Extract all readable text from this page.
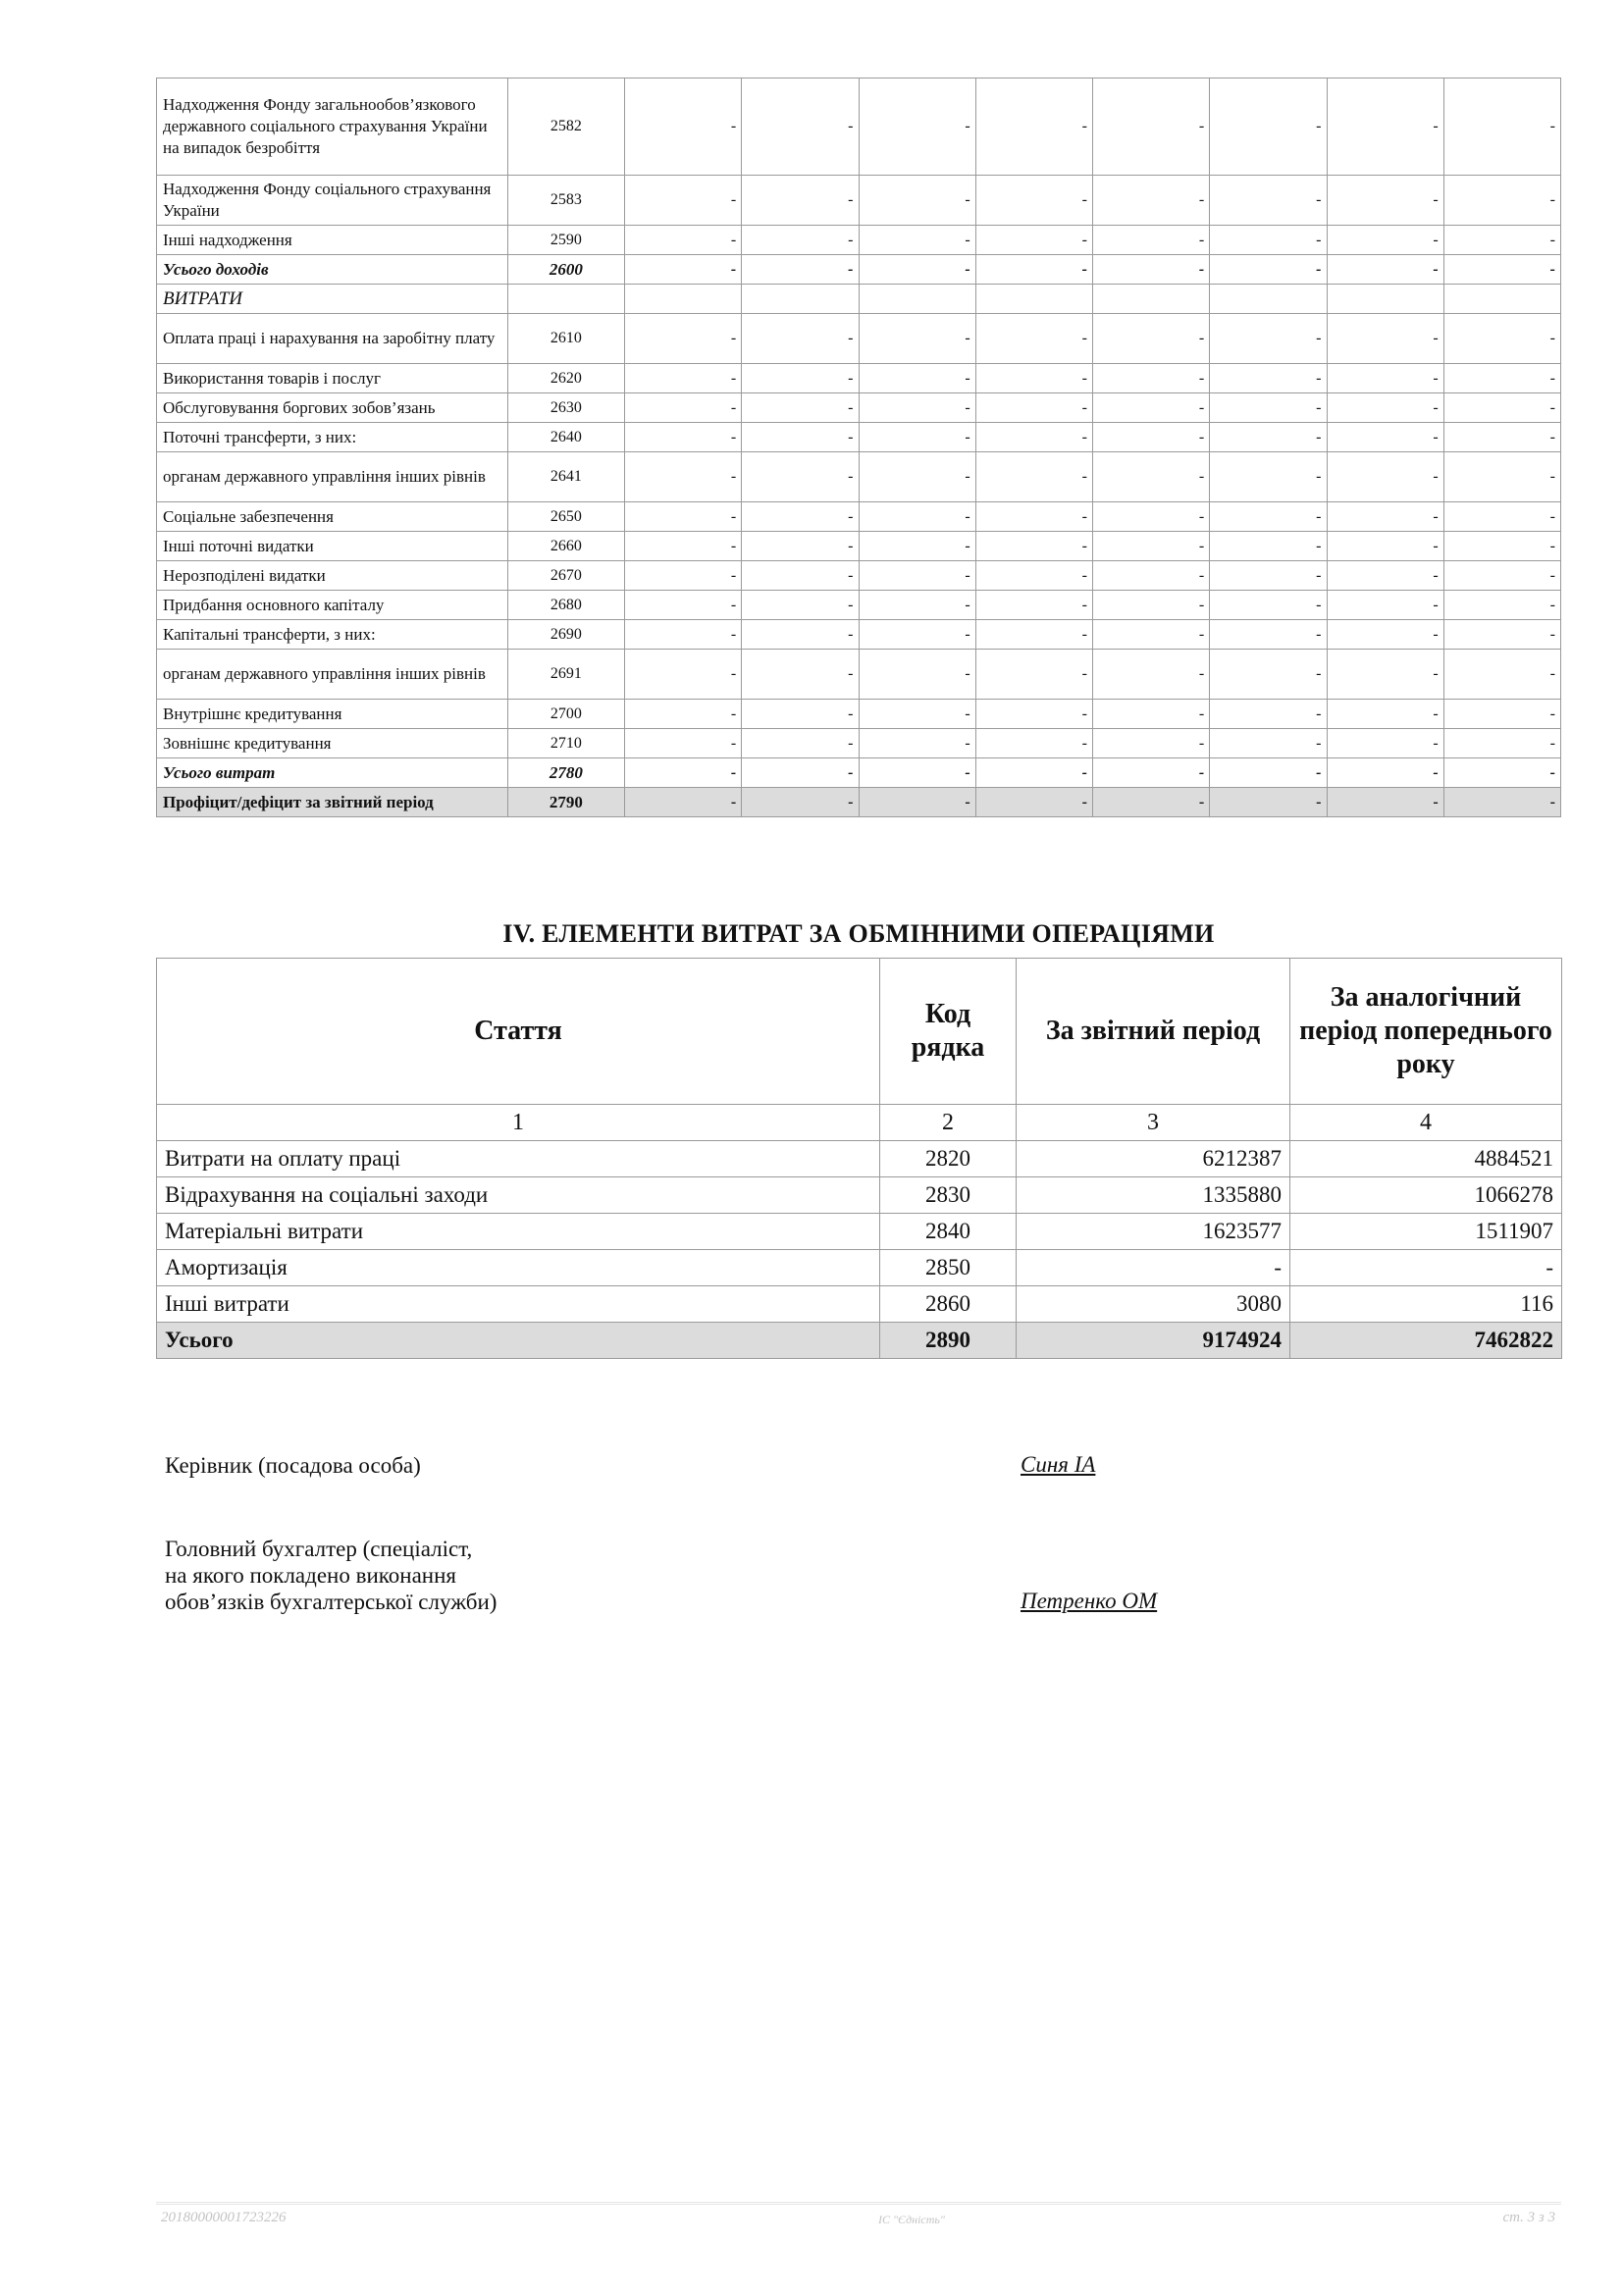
Надходження Фонду загальнообов’язкового державного соціального страхування України на випадок безробіття	2582	-	-	-	-	-	-	-	-
Надходження Фонду соціального страхування України	2583	-	-	-	-	-	-	-	-
Інші надходження	2590	-	-	-	-	-	-	-	-
Усього доходів	2600	-	-	-	-	-	-	-	-
ВИТРАТИ									
Оплата праці і нарахування на заробітну плату	2610	-	-	-	-	-	-	-	-
Використання товарів і послуг	2620	-	-	-	-	-	-	-	-
Обслуговування боргових зобов’язань	2630	-	-	-	-	-	-	-	-
Поточні трансферти, з них:	2640	-	-	-	-	-	-	-	-
органам державного управління інших рівнів	2641	-	-	-	-	-	-	-	-
Соціальне забезпечення	2650	-	-	-	-	-	-	-	-
Інші поточні видатки	2660	-	-	-	-	-	-	-	-
Нерозподілені видатки	2670	-	-	-	-	-	-	-	-
Придбання основного капіталу	2680	-	-	-	-	-	-	-	-
Капітальні трансферти, з них:	2690	-	-	-	-	-	-	-	-
органам державного управління інших рівнів	2691	-	-	-	-	-	-	-	-
Внутрішнє кредитування	2700	-	-	-	-	-	-	-	-
Зовнішнє кредитування	2710	-	-	-	-	-	-	-	-
Усього витрат	2780	-	-	-	-	-	-	-	-
Профіцит/дефіцит за звітний період	2790	-	-	-	-	-	-	-	-
IV. ЕЛЕМЕНТИ ВИТРАТ ЗА ОБМІННИМИ ОПЕРАЦІЯМИ
Стаття	Код рядка	За звітний період	За аналогічний період попереднього року
1	2	3	4
Витрати на оплату праці	2820	6212387	4884521
Відрахування на соціальні заходи	2830	1335880	1066278
Матеріальні витрати	2840	1623577	1511907
Амортизація	2850	-	-
Інші витрати	2860	3080	116
Усього	2890	9174924	7462822
Керівник (посадова особа)	Синя ІА
Головний бухгалтер (спеціаліст,
на якого покладено виконання
обов’язків бухгалтерської служби)	Петренко ОМ
20180000001723226	ІС "Єдність"	ст. 3 з 3
